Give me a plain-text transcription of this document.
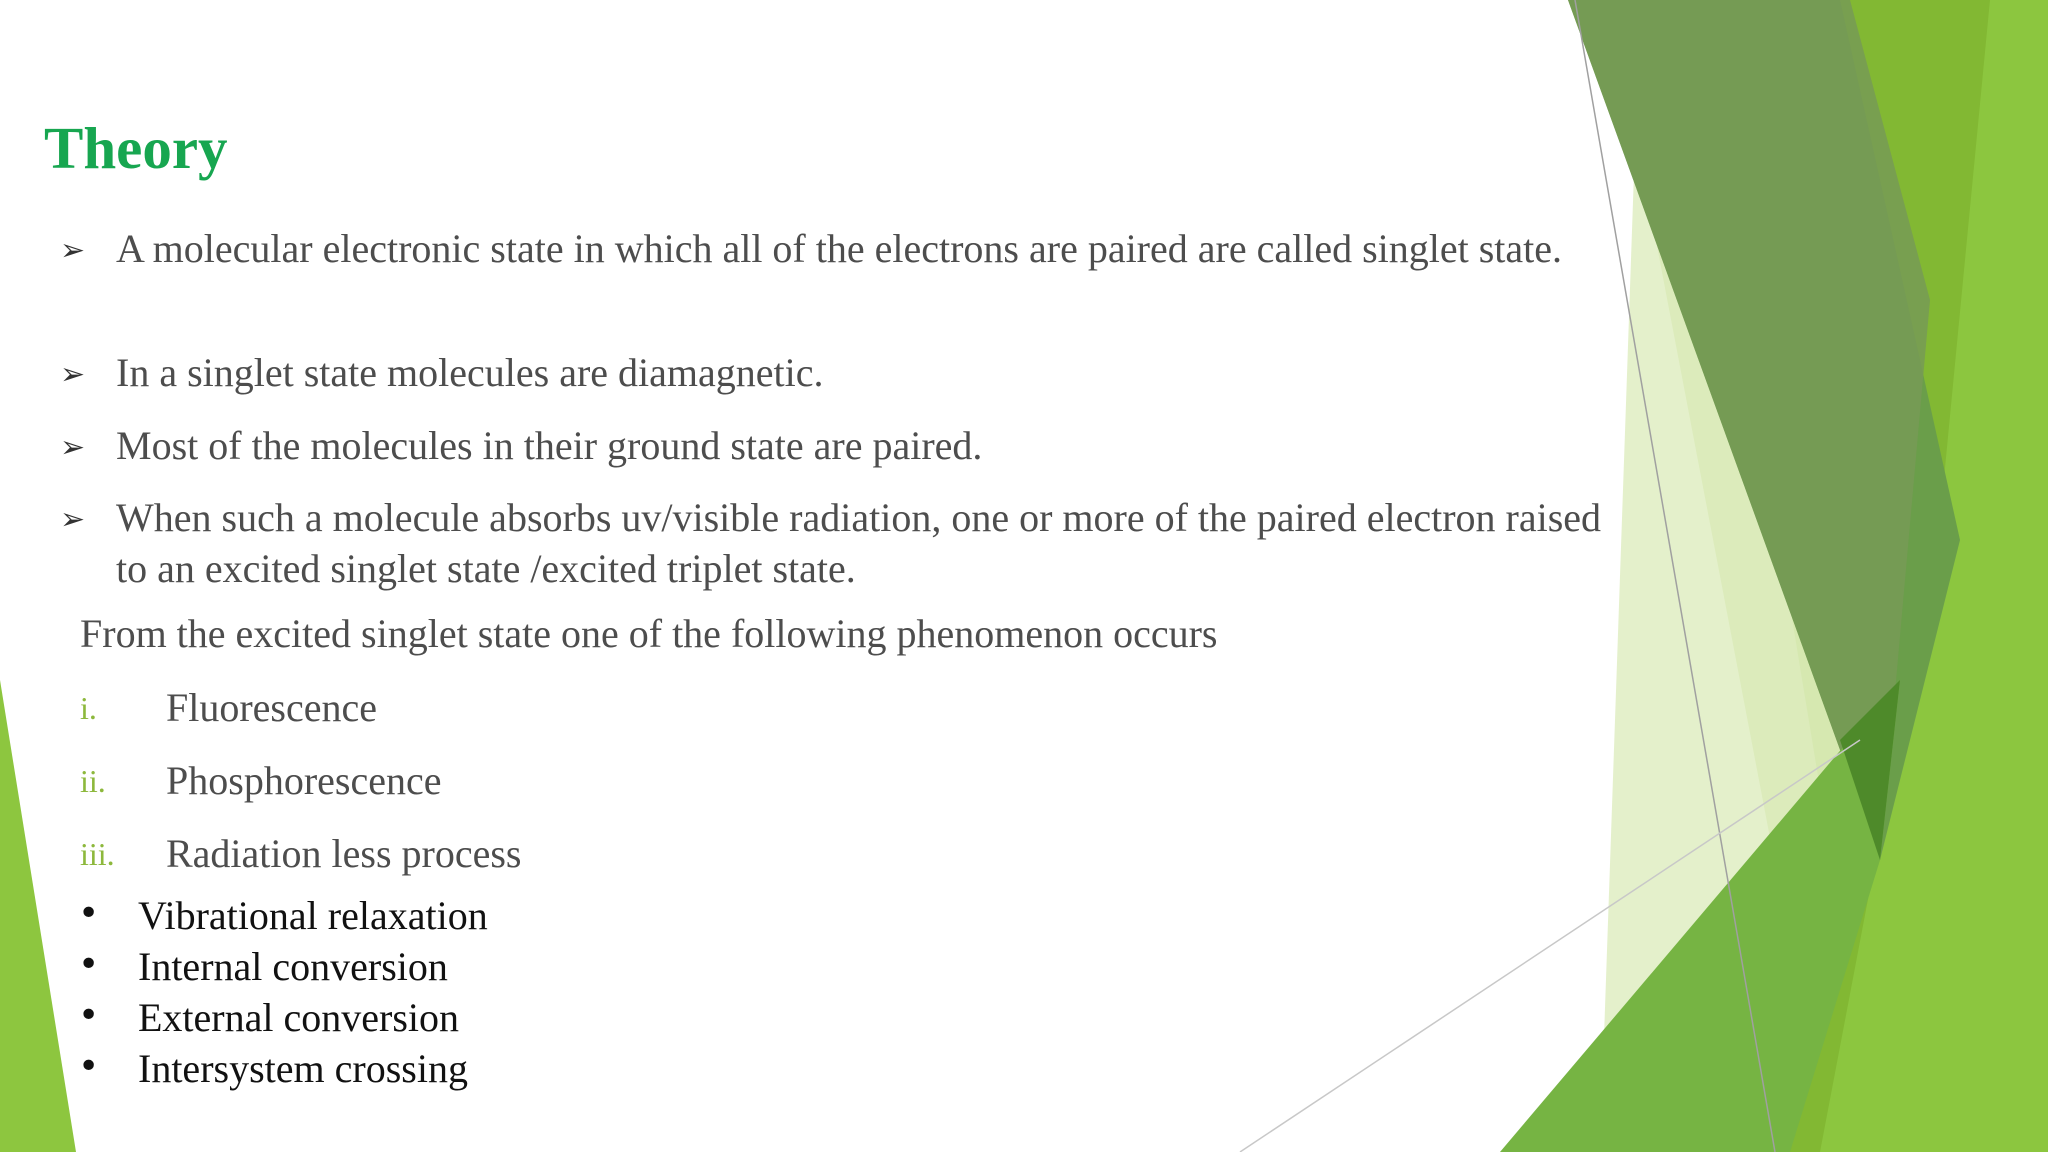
Theory
➢ A molecular electronic state in which all of the electrons are paired are called singlet state.
➢ In a singlet state molecules are diamagnetic.
➢ Most of the molecules in their ground state are paired.
➢ When such a molecule absorbs uv/visible radiation, one or more of the paired electron raised to an excited singlet state /excited triplet state.
From the excited singlet state one of the following phenomenon occurs
i. Fluorescence
ii. Phosphorescence
iii. Radiation less process
• Vibrational relaxation
• Internal conversion
• External conversion
• Intersystem crossing
